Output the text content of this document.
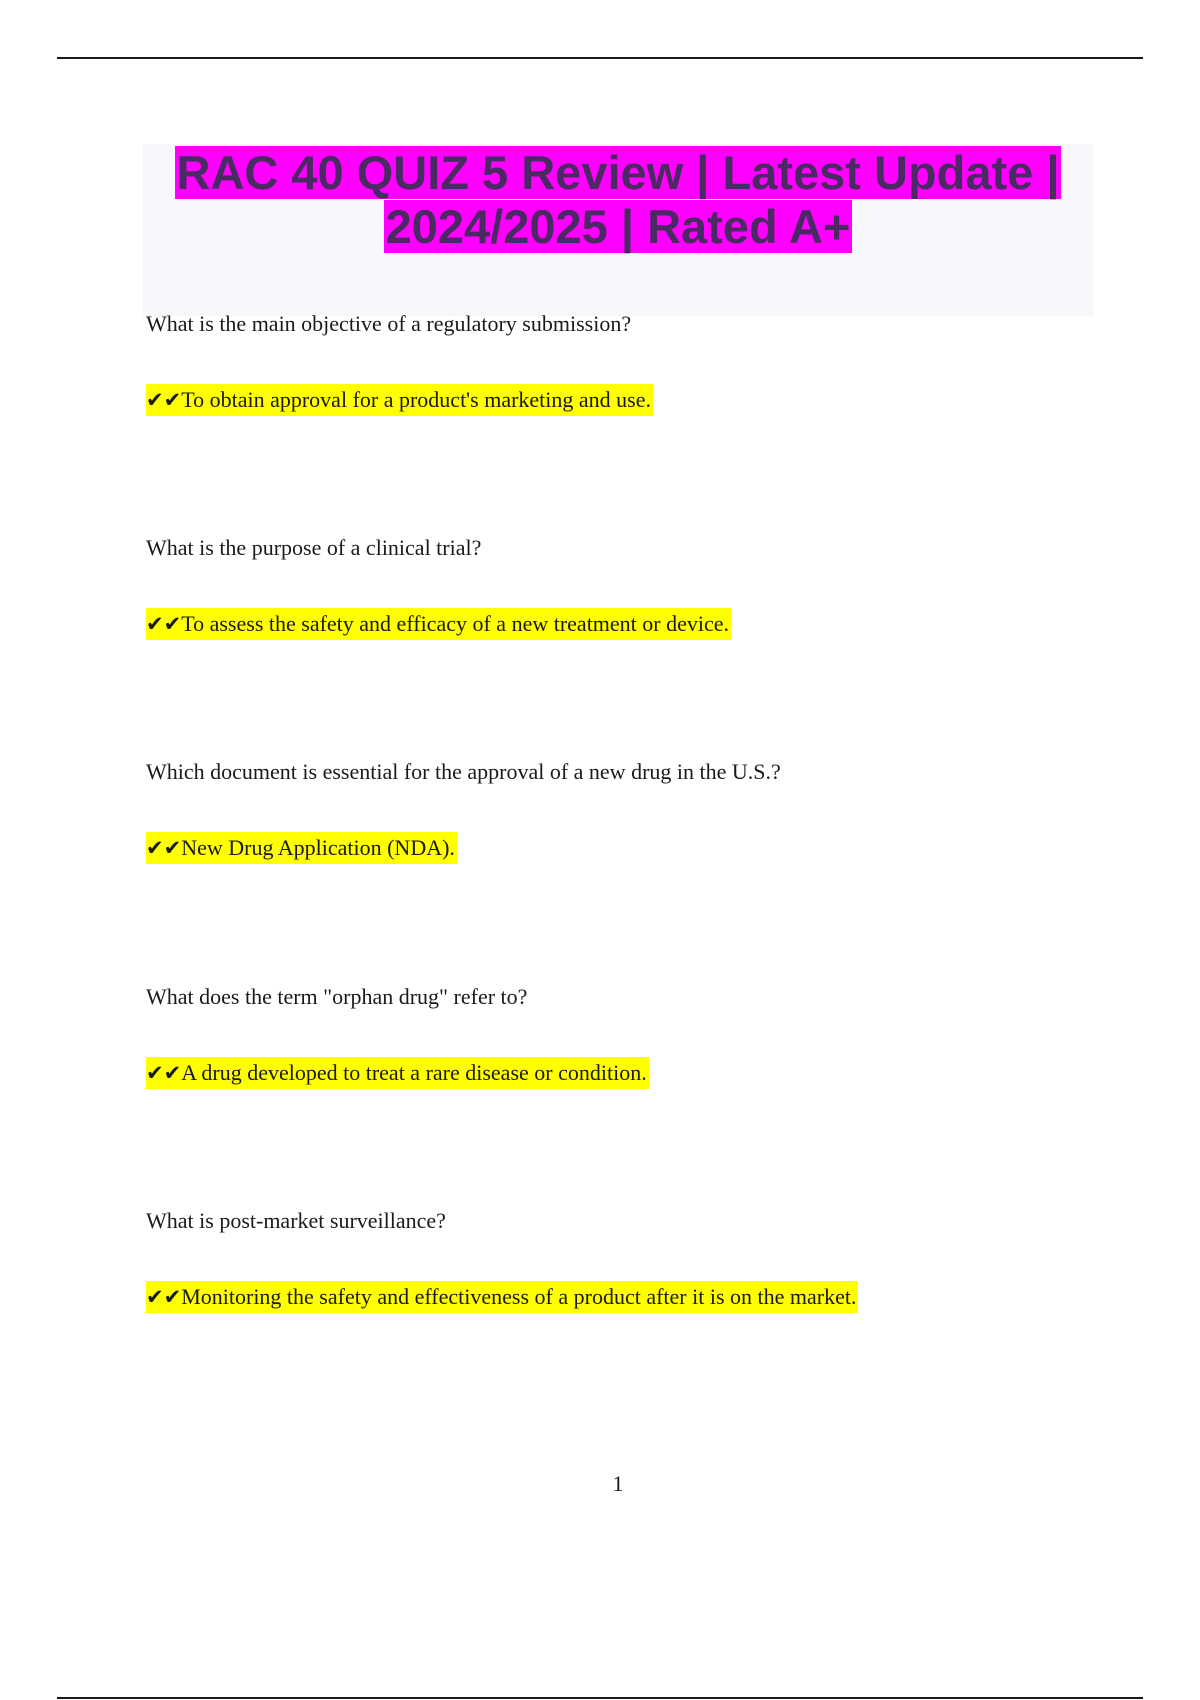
RAC 40 QUIZ 5 Review | Latest Update |
2024/2025 | Rated A+
What is the main objective of a regulatory submission?
✔✔To obtain approval for a product's marketing and use.
What is the purpose of a clinical trial?
✔✔To assess the safety and efficacy of a new treatment or device.
Which document is essential for the approval of a new drug in the U.S.?
✔✔New Drug Application (NDA).
What does the term "orphan drug" refer to?
✔✔A drug developed to treat a rare disease or condition.
What is post-market surveillance?
✔✔Monitoring the safety and effectiveness of a product after it is on the market.
1
